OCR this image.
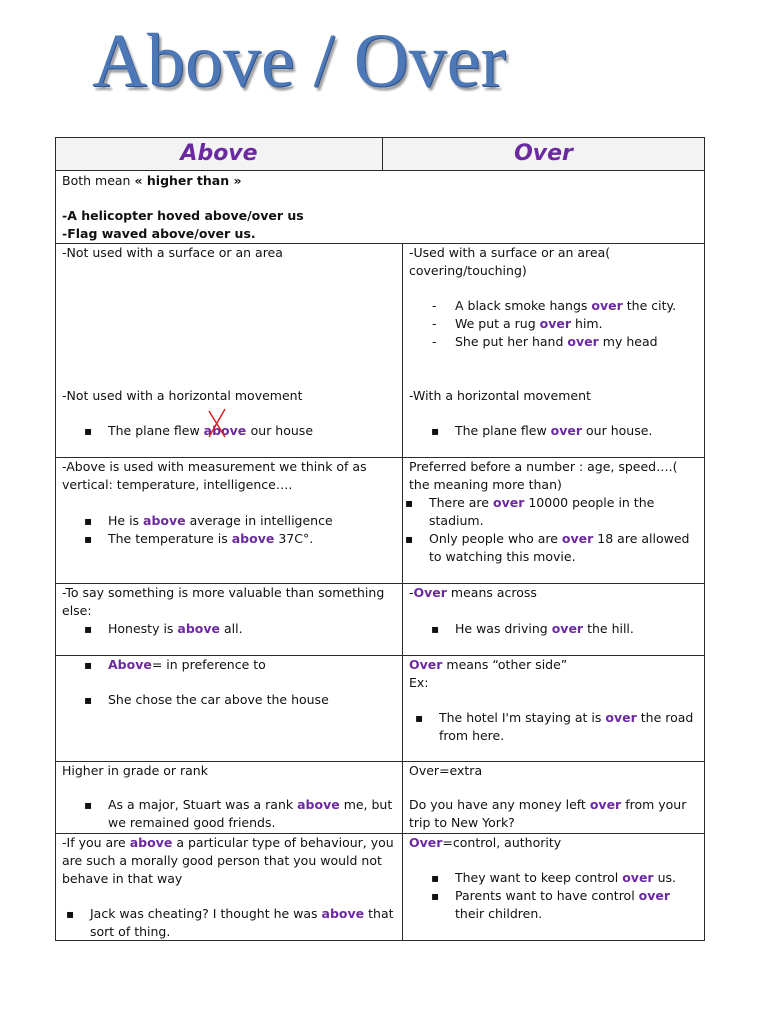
Above / Over
Above	Over
Both mean « higher than »
-A helicopter hoved above/over us
-Flag waved above/over us.
-Not used with a surface or an area
-Not used with a horizontal movement
▪ The plane flew above our house
-Used with a surface or an area(
covering/touching)
- A black smoke hangs over the city.
- We put a rug over him.
- She put her hand over my head
-With a horizontal movement
▪ The plane flew over our house.
-Above is used with measurement we think of as
vertical: temperature, intelligence….
▪ He is above average in intelligence
▪ The temperature is above 37C°.
Preferred before a number : age, speed….(
the meaning more than)
▪ There are over 10000 people in the
stadium.
▪ Only people who are over 18 are allowed
to watching this movie.
-To say something is more valuable than something
else:
▪ Honesty is above all.
-Over means across
▪ He was driving over the hill.
▪ Above= in preference to
▪ She chose the car above the house
Over means “other side”
Ex:
▪ The hotel I'm staying at is over the road
from here.
Higher in grade or rank
▪ As a major, Stuart was a rank above me, but
we remained good friends.
Over=extra
Do you have any money left over from your
trip to New York?
-If you are above a particular type of behaviour, you
are such a morally good person that you would not
behave in that way
▪ Jack was cheating? I thought he was above that
sort of thing.
Over=control, authority
▪ They want to keep control over us.
▪ Parents want to have control over
their children.
